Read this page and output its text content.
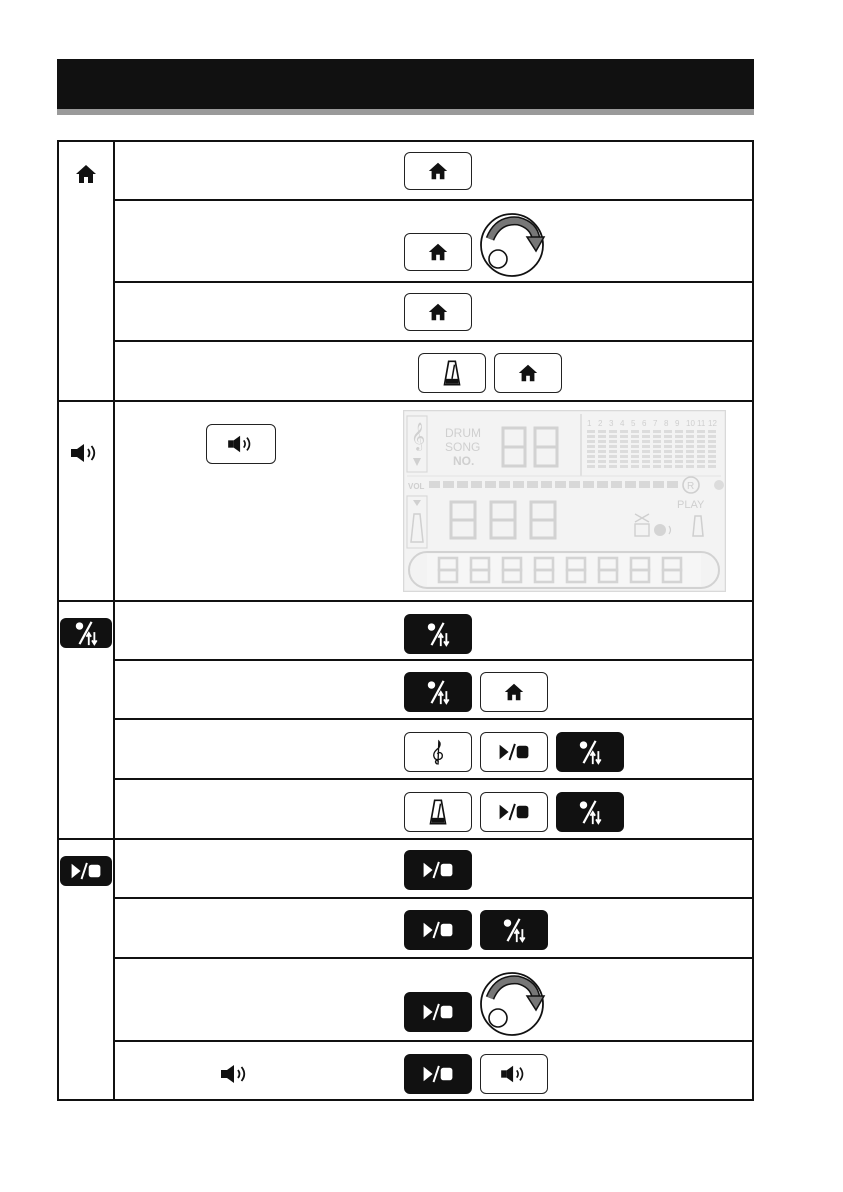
𝄞 DRUM
SONG
NO.
1 2 3 4 5 6 7 8 9 10 11 12
VOL	R
PLAY
